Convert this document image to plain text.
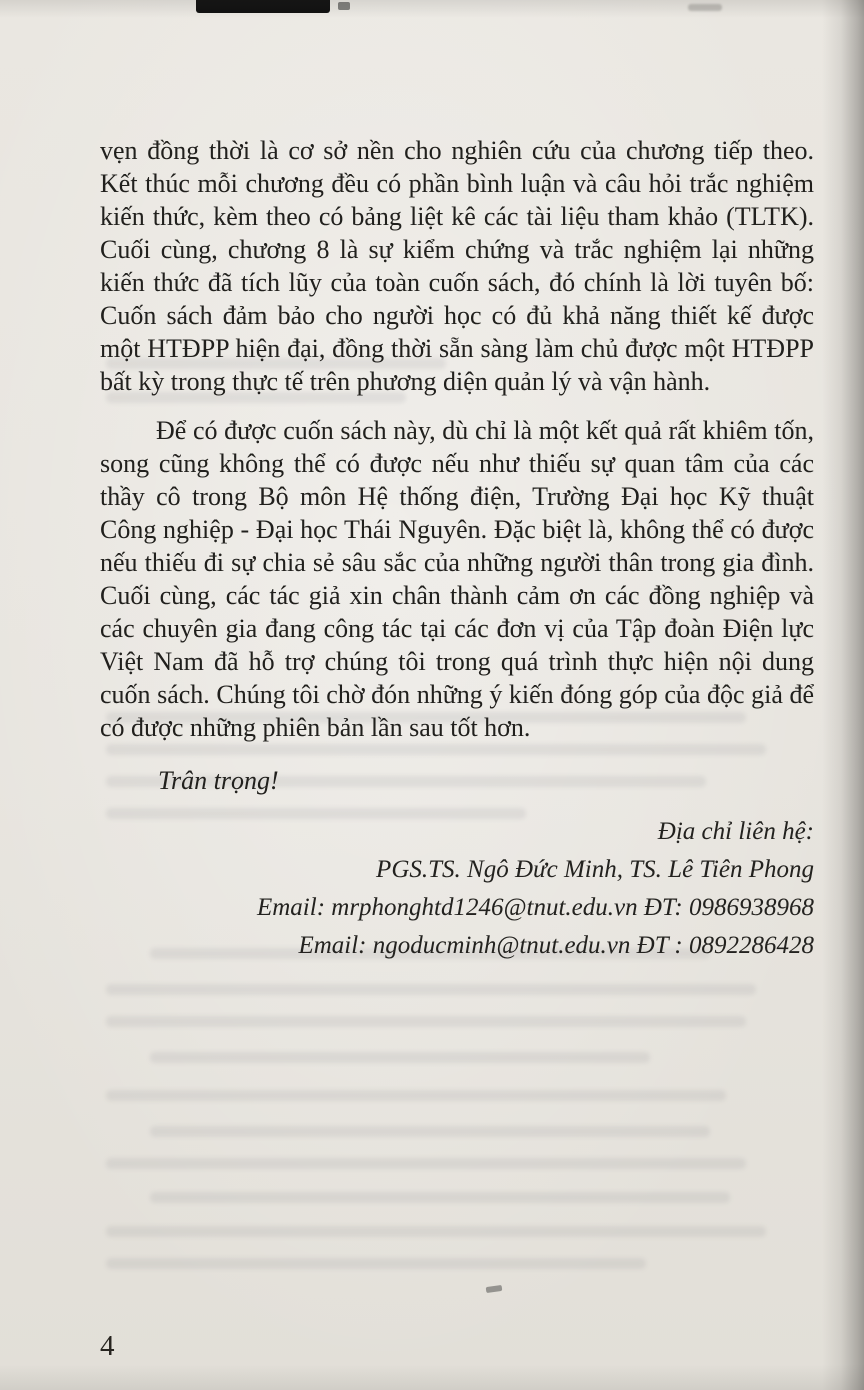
vẹn đồng thời là cơ sở nền cho nghiên cứu của chương tiếp theo. Kết thúc mỗi chương đều có phần bình luận và câu hỏi trắc nghiệm kiến thức, kèm theo có bảng liệt kê các tài liệu tham khảo (TLTK). Cuối cùng, chương 8 là sự kiểm chứng và trắc nghiệm lại những kiến thức đã tích lũy của toàn cuốn sách, đó chính là lời tuyên bố: Cuốn sách đảm bảo cho người học có đủ khả năng thiết kế được một HTĐPP hiện đại, đồng thời sẵn sàng làm chủ được một HTĐPP bất kỳ trong thực tế trên phương diện quản lý và vận hành.

Để có được cuốn sách này, dù chỉ là một kết quả rất khiêm tốn, song cũng không thể có được nếu như thiếu sự quan tâm của các thầy cô trong Bộ môn Hệ thống điện, Trường Đại học Kỹ thuật Công nghiệp - Đại học Thái Nguyên. Đặc biệt là, không thể có được nếu thiếu đi sự chia sẻ sâu sắc của những người thân trong gia đình. Cuối cùng, các tác giả xin chân thành cảm ơn các đồng nghiệp và các chuyên gia đang công tác tại các đơn vị của Tập đoàn Điện lực Việt Nam đã hỗ trợ chúng tôi trong quá trình thực hiện nội dung cuốn sách. Chúng tôi chờ đón những ý kiến đóng góp của độc giả để có được những phiên bản lần sau tốt hơn.

Trân trọng!
Địa chỉ liên hệ:
PGS.TS. Ngô Đức Minh, TS. Lê Tiên Phong
Email: mrphonghtd1246@tnut.edu.vn ĐT: 0986938968
Email: ngoducminh@tnut.edu.vn ĐT : 0892286428
4
